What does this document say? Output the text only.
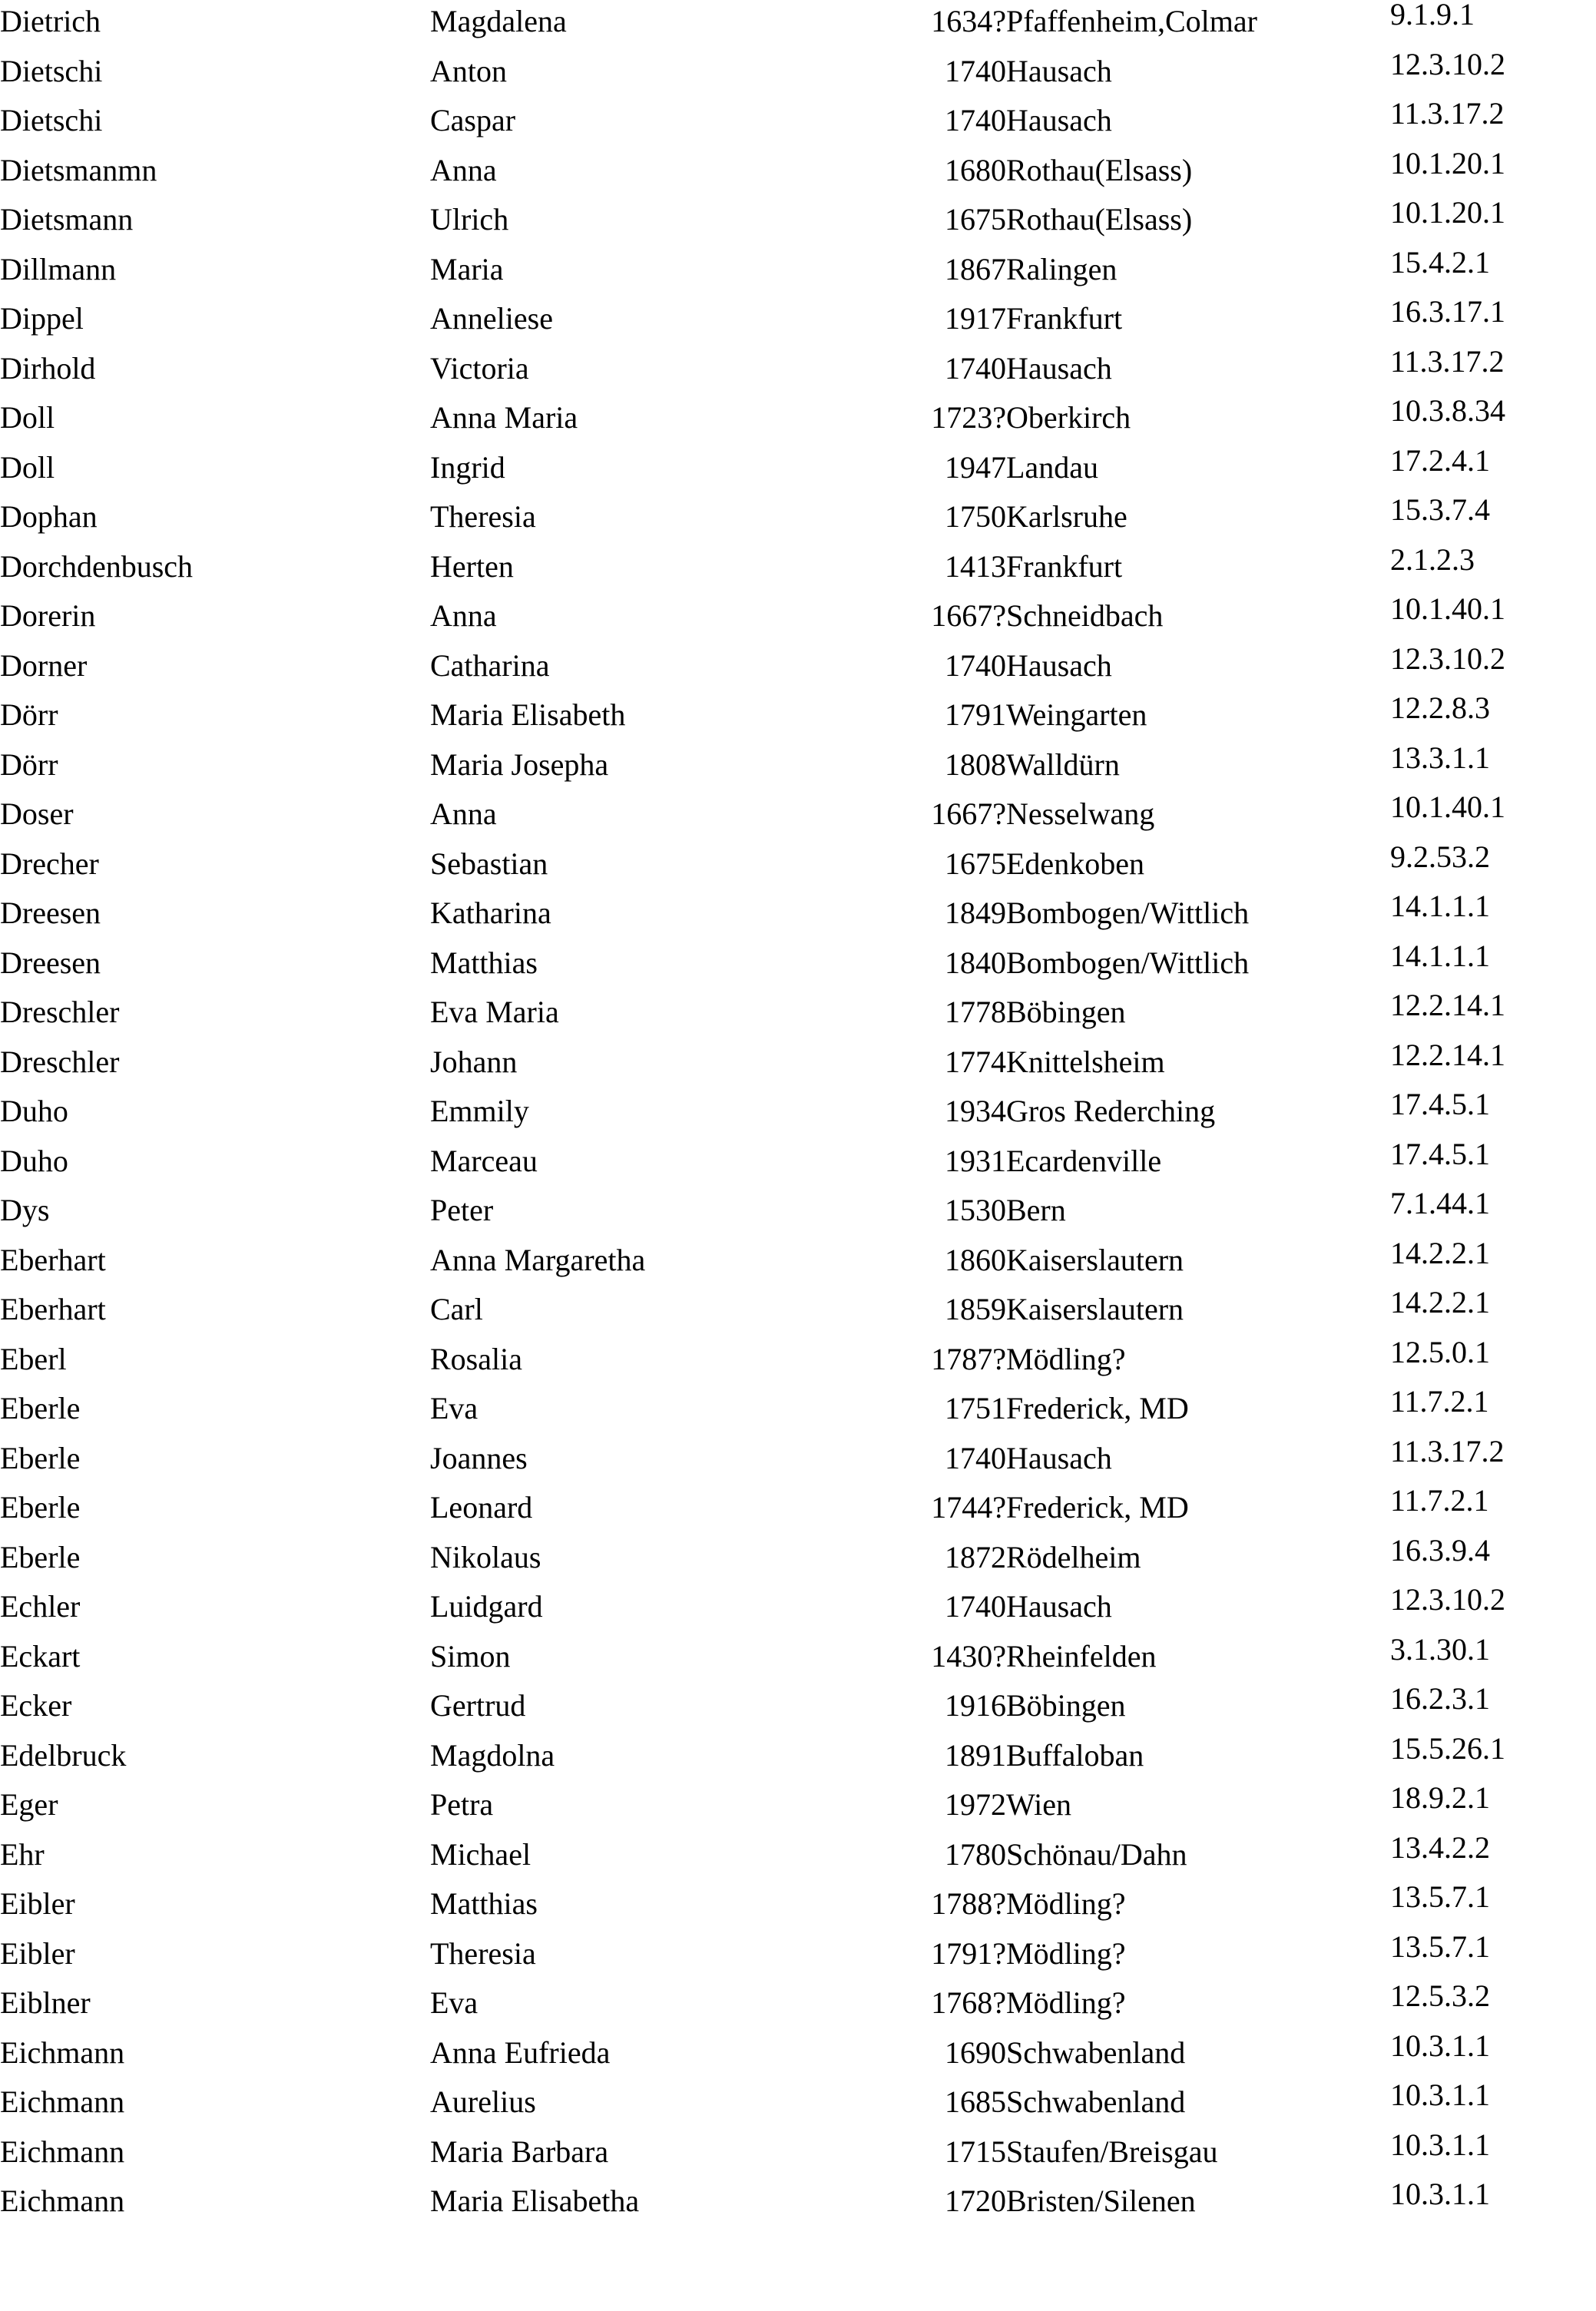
Dietrich	Magdalena	1634?	Pfaffenheim,Colmar	9.1.9.1
Dietschi	Anton	1740	Hausach	12.3.10.2
Dietschi	Caspar	1740	Hausach	11.3.17.2
Dietsmanmn	Anna	1680	Rothau(Elsass)	10.1.20.1
Dietsmann	Ulrich	1675	Rothau(Elsass)	10.1.20.1
Dillmann	Maria	1867	Ralingen	15.4.2.1
Dippel	Anneliese	1917	Frankfurt	16.3.17.1
Dirhold	Victoria	1740	Hausach	11.3.17.2
Doll	Anna Maria	1723?	Oberkirch	10.3.8.34
Doll	Ingrid	1947	Landau	17.2.4.1
Dophan	Theresia	1750	Karlsruhe	15.3.7.4
Dorchdenbusch	Herten	1413	Frankfurt	2.1.2.3
Dorerin	Anna	1667?	Schneidbach	10.1.40.1
Dorner	Catharina	1740	Hausach	12.3.10.2
Dörr	Maria Elisabeth	1791	Weingarten	12.2.8.3
Dörr	Maria Josepha	1808	Walldürn	13.3.1.1
Doser	Anna	1667?	Nesselwang	10.1.40.1
Drecher	Sebastian	1675	Edenkoben	9.2.53.2
Dreesen	Katharina	1849	Bombogen/Wittlich	14.1.1.1
Dreesen	Matthias	1840	Bombogen/Wittlich	14.1.1.1
Dreschler	Eva Maria	1778	Böbingen	12.2.14.1
Dreschler	Johann	1774	Knittelsheim	12.2.14.1
Duho	Emmily	1934	Gros Rederching	17.4.5.1
Duho	Marceau	1931	Ecardenville	17.4.5.1
Dys	Peter	1530	Bern	7.1.44.1
Eberhart	Anna Margaretha	1860	Kaiserslautern	14.2.2.1
Eberhart	Carl	1859	Kaiserslautern	14.2.2.1
Eberl	Rosalia	1787?	Mödling?	12.5.0.1
Eberle	Eva	1751	Frederick, MD	11.7.2.1
Eberle	Joannes	1740	Hausach	11.3.17.2
Eberle	Leonard	1744?	Frederick, MD	11.7.2.1
Eberle	Nikolaus	1872	Rödelheim	16.3.9.4
Echler	Luidgard	1740	Hausach	12.3.10.2
Eckart	Simon	1430?	Rheinfelden	3.1.30.1
Ecker	Gertrud	1916	Böbingen	16.2.3.1
Edelbruck	Magdolna	1891	Buffaloban	15.5.26.1
Eger	Petra	1972	Wien	18.9.2.1
Ehr	Michael	1780	Schönau/Dahn	13.4.2.2
Eibler	Matthias	1788?	Mödling?	13.5.7.1
Eibler	Theresia	1791?	Mödling?	13.5.7.1
Eiblner	Eva	1768?	Mödling?	12.5.3.2
Eichmann	Anna Eufrieda	1690	Schwabenland	10.3.1.1
Eichmann	Aurelius	1685	Schwabenland	10.3.1.1
Eichmann	Maria Barbara	1715	Staufen/Breisgau	10.3.1.1
Eichmann	Maria Elisabetha	1720	Bristen/Silenen	10.3.1.1
